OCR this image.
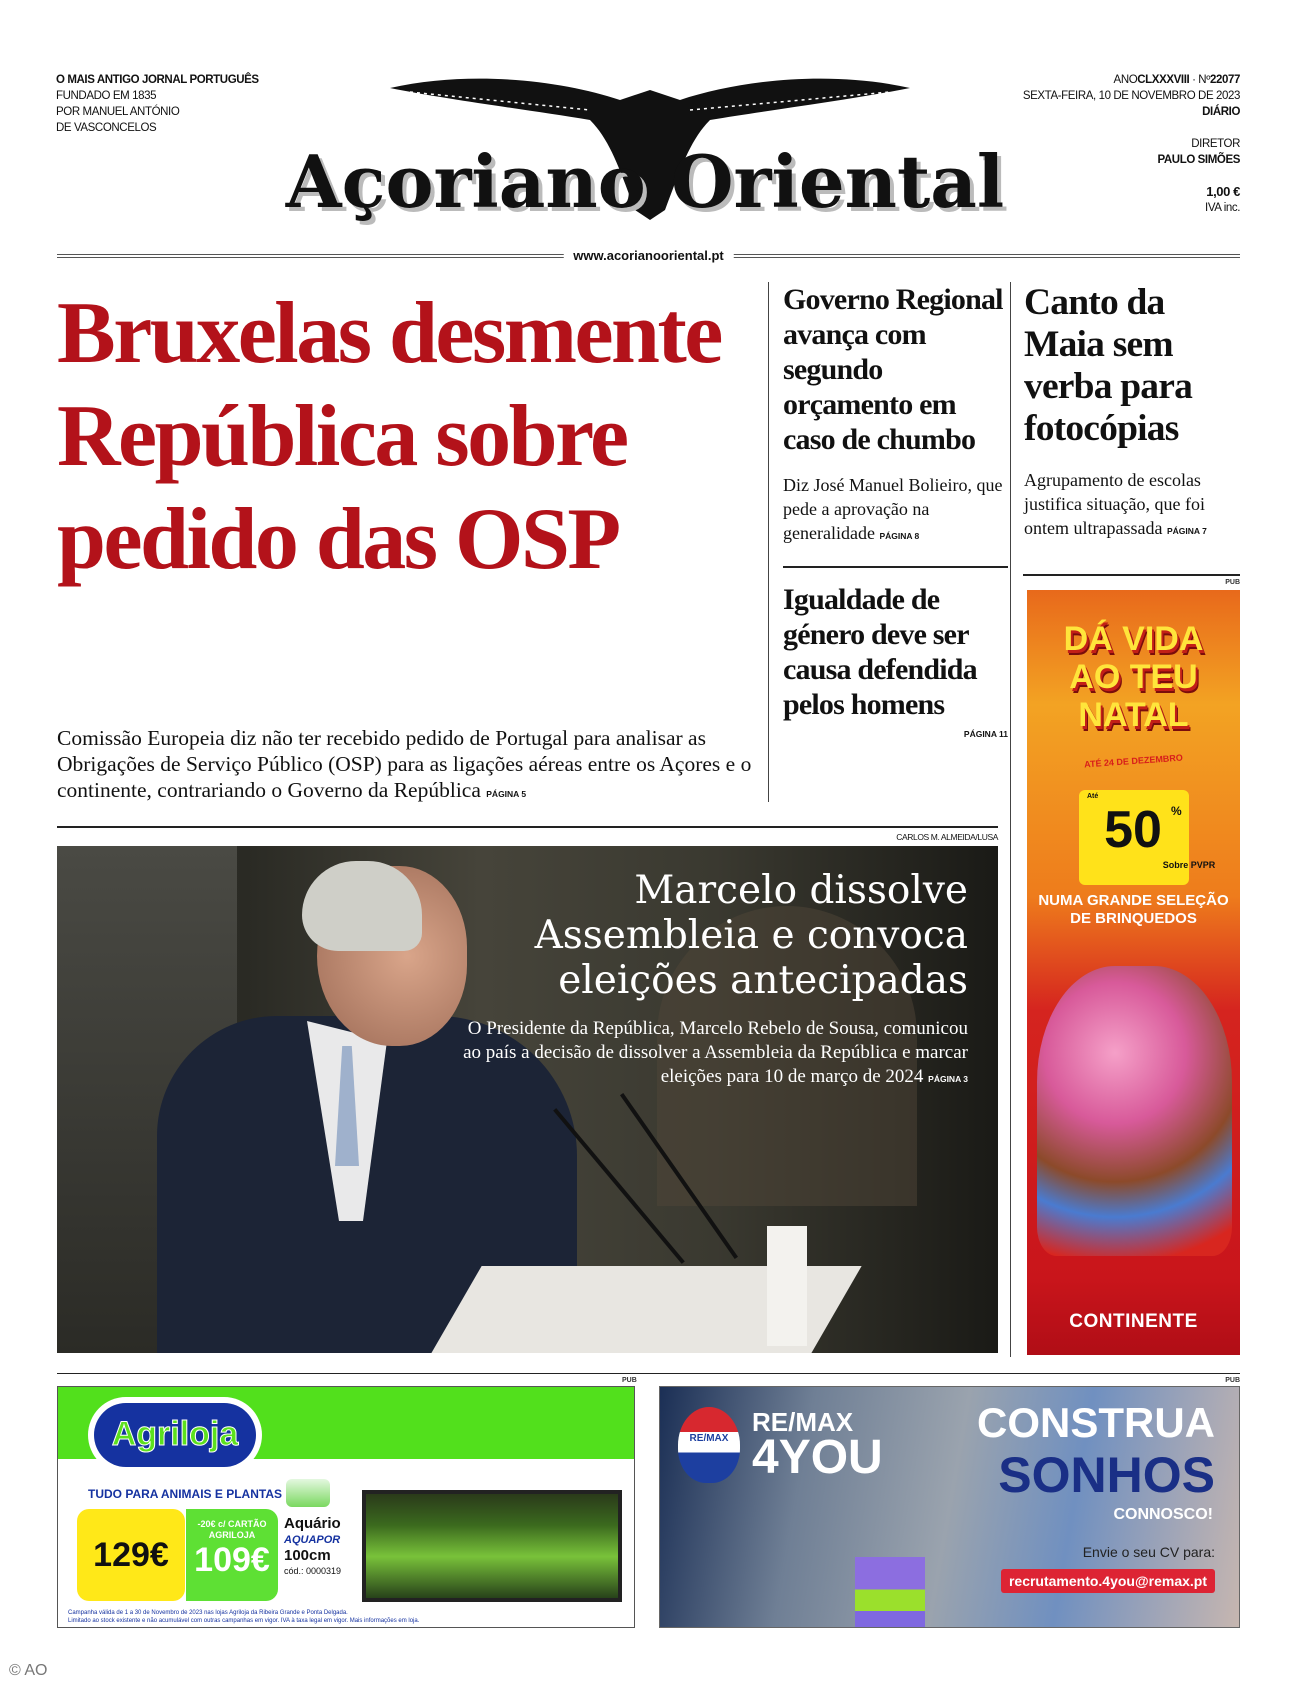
O MAIS ANTIGO JORNAL PORTUGUÊS
FUNDADO EM 1835
POR MANUEL ANTÓNIO
DE VASCONCELOS
Açoriano Oriental
ANOCLXXXVIII · Nº22077
SEXTA-FEIRA, 10 DE NOVEMBRO DE 2023
DIÁRIO
DIRETOR
PAULO SIMÕES
1,00 €
IVA inc.
www.acorianooriental.pt
Bruxelas desmente República sobre pedido das OSP

Comissão Europeia diz não ter recebido pedido de Portugal para analisar as Obrigações de Serviço Público (OSP) para as ligações aéreas entre os Açores e o continente, contrariando o Governo da República PÁGINA 5

Governo Regional avança com segundo orçamento em caso de chumbo

Diz José Manuel Bolieiro, que pede a aprovação na generalidade PÁGINA 8

Igualdade de género deve ser causa defendida pelos homens
PÁGINA 11
Canto da Maia sem verba para fotocópias

Agrupamento de escolas justifica situação, que foi ontem ultrapassada PÁGINA 7

PUB
CARLOS M. ALMEIDA/LUSA
Marcelo dissolve Assembleia e convoca eleições antecipadas

O Presidente da República, Marcelo Rebelo de Sousa, comunicou ao país a decisão de dissolver a Assembleia da República e marcar eleições para 10 de março de 2024 PÁGINA 3

DÁ VIDA AO TEU NATAL
ATÉ 24 DE DEZEMBRO
Até
50 %
Sobre PVPR
NUMA GRANDE SELEÇÃO DE BRINQUEDOS
CONTINENTE
PUB	PUB
Agriloja
TUDO PARA ANIMAIS E PLANTAS
129€
-20€ c/ CARTÃO AGRILOJA
109€
Aquário
AQUAPOR
100cm
cód.: 0000319
Campanha válida de 1 a 30 de Novembro de 2023 nas lojas Agriloja da Ribeira Grande e Ponta Delgada.
Limitado ao stock existente e não acumulável com outras campanhas em vigor. IVA à taxa legal em vigor. Mais informações em loja.
RE/MAX
RE/MAX
4YOU
CONSTRUA
SONHOS
CONNOSCO!
Envie o seu CV para:
recrutamento.4you@remax.pt
© AO
